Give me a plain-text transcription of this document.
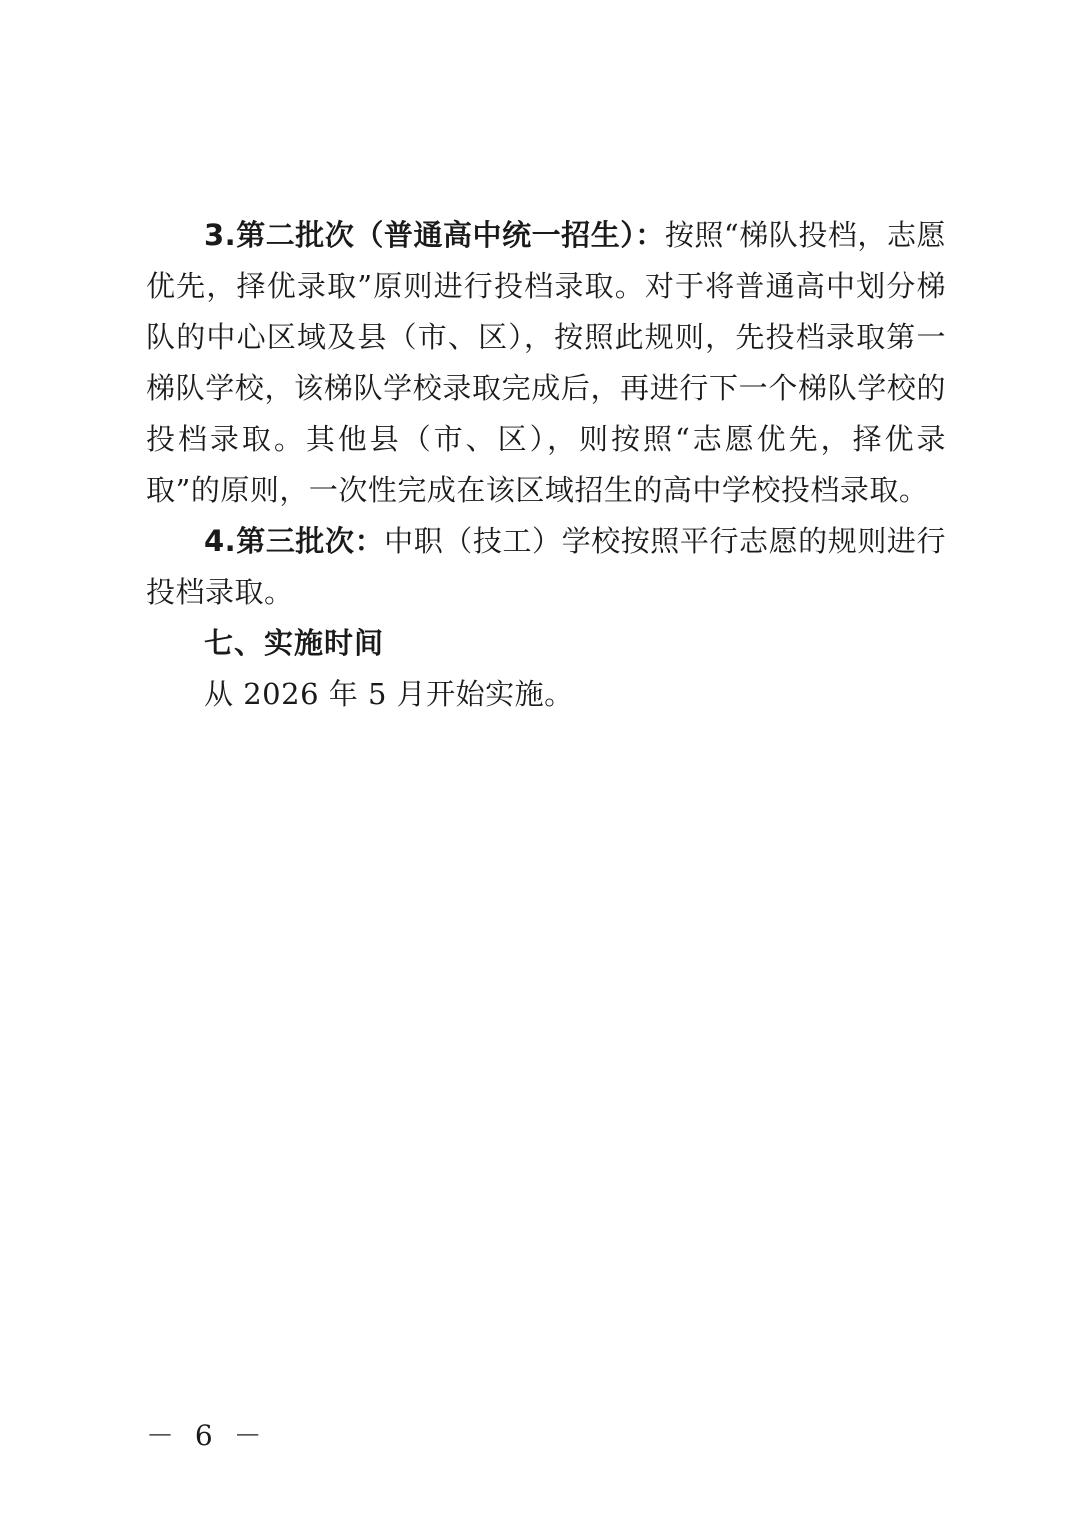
3.第二批次（普通高中统一招生）：按照“梯队投档，志愿优先，择优录取”原则进行投档录取。对于将普通高中划分梯队的中心区域及县（市、区），按照此规则，先投档录取第一梯队学校，该梯队学校录取完成后，再进行下一个梯队学校的投档录取。其他县（市、区），则按照“志愿优先，择优录取”的原则，一次性完成在该区域招生的高中学校投档录取。

4.第三批次：中职（技工）学校按照平行志愿的规则进行投档录取。

七、实施时间

从 2026 年 5 月开始实施。

－ 6 －
